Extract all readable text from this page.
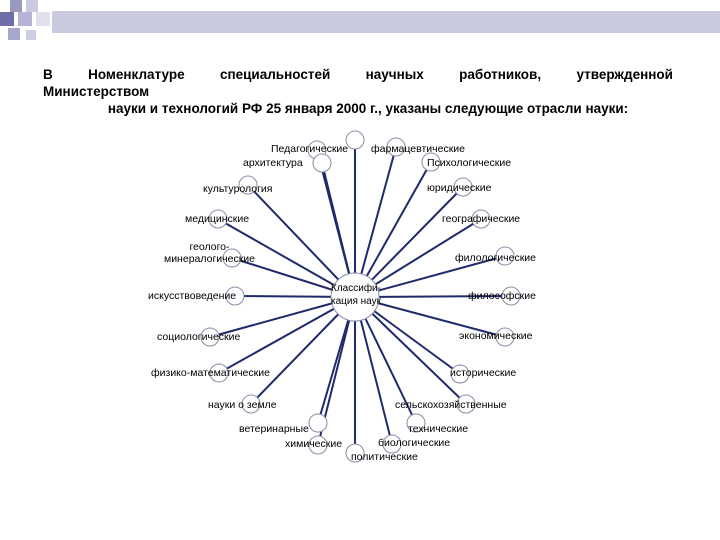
В	Номенклатуре	специальностей	научных	работников,	утвержденной
Министерством
науки и технологий РФ 25 января 2000 г., указаны следующие отрасли науки:
Классифи- кация наук
Педагогические
архитектура
фармацевтические
Психологические
культурология	юридические
медицинские	географические
геолого-минералогические	филологические
искусствоведение	философские
социологические	экономические
физико-математические	исторические
науки о земле	сельскохозяйственные
ветеринарные	технические
химические	биологические
политические
